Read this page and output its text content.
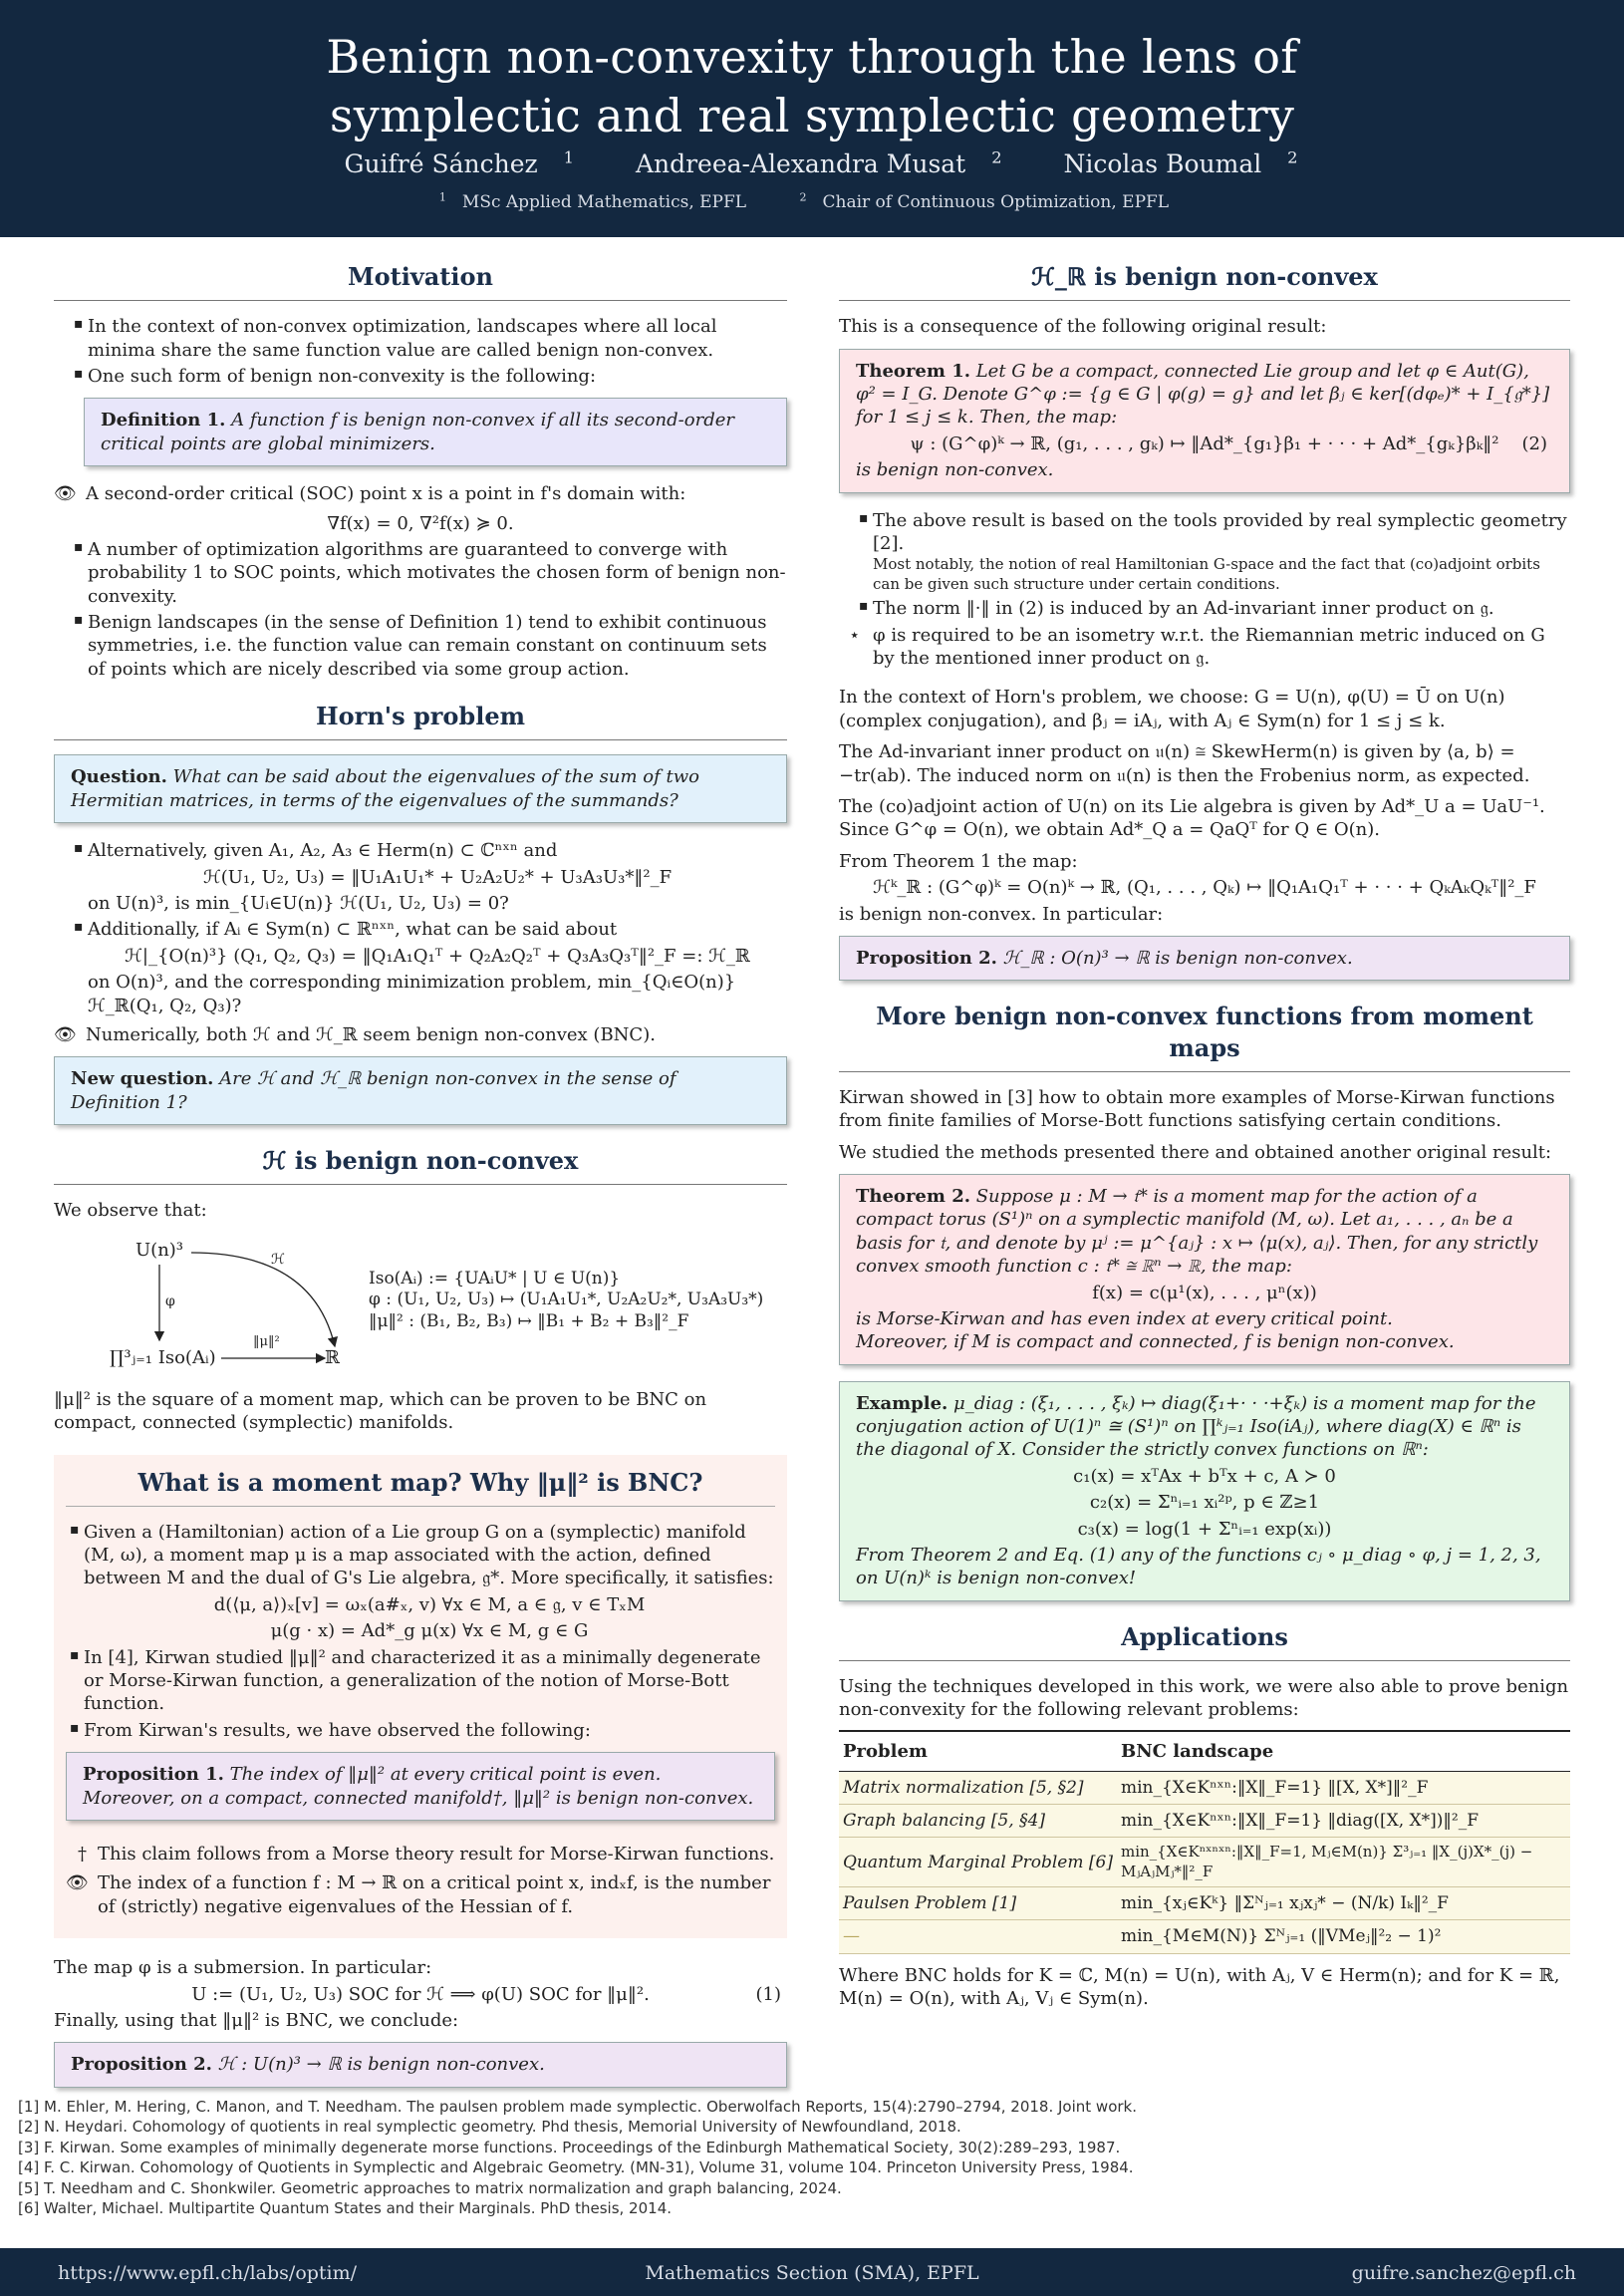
Benign non-convexity through the lens of
symplectic and real symplectic geometry
Guifré Sánchez $^1$ Andreea-Alexandra Musat $^2$ Nicolas Boumal $^2$
$^1$ MSc Applied Mathematics, EPFL	$^2$ Chair of Continuous Optimization, EPFL
Motivation
▪ In the context of non-convex optimization, landscapes where all local minima share the same function value are called benign non-convex.
▪ One such form of benign non-convexity is the following:
Definition 1. A function f is benign non-convex if all its second-order critical points are global minimizers.
👁 A second-order critical (SOC) point x is a point in f's domain with:
∇f(x) = 0, ∇²f(x) ≽ 0.
▪ A number of optimization algorithms are guaranteed to converge with probability 1 to SOC points, which motivates the chosen form of benign non-convexity.
▪ Benign landscapes (in the sense of Definition 1) tend to exhibit continuous symmetries, i.e. the function value can remain constant on continuum sets of points which are nicely described via some group action.
Horn's problem
Question. What can be said about the eigenvalues of the sum of two Hermitian matrices, in terms of the eigenvalues of the summands?
▪ Alternatively, given A₁, A₂, A₃ ∈ Herm(n) ⊂ ℂⁿˣⁿ and
ℋ(U₁, U₂, U₃) = ‖U₁A₁U₁* + U₂A₂U₂* + U₃A₃U₃*‖²_F
on U(n)³, is min_{Uᵢ∈U(n)} ℋ(U₁, U₂, U₃) = 0?
▪ Additionally, if Aᵢ ∈ Sym(n) ⊂ ℝⁿˣⁿ, what can be said about
ℋ|_{O(n)³} (Q₁, Q₂, Q₃) = ‖Q₁A₁Q₁ᵀ + Q₂A₂Q₂ᵀ + Q₃A₃Q₃ᵀ‖²_F =: ℋ_ℝ
on O(n)³, and the corresponding minimization problem, min_{Qᵢ∈O(n)} ℋ_ℝ(Q₁, Q₂, Q₃)?
👁 Numerically, both ℋ and ℋ_ℝ seem benign non-convex (BNC).
New question. Are ℋ and ℋ_ℝ benign non-convex in the sense of Definition 1?
ℋ is benign non-convex
We observe that:
U(n)³	ℋ
φ
∏³ⱼ₌₁ Iso(Aᵢ)
‖μ‖²
ℝ
Iso(Aᵢ) := {UAᵢU* | U ∈ U(n)}
φ : (U₁, U₂, U₃) ↦ (U₁A₁U₁*, U₂A₂U₂*, U₃A₃U₃*)
‖μ‖² : (B₁, B₂, B₃) ↦ ‖B₁ + B₂ + B₃‖²_F
‖μ‖² is the square of a moment map, which can be proven to be BNC on compact, connected (symplectic) manifolds.
What is a moment map? Why ‖μ‖² is BNC?
▪ Given a (Hamiltonian) action of a Lie group G on a (symplectic) manifold (M, ω), a moment map μ is a map associated with the action, defined between M and the dual of G's Lie algebra, 𝔤*. More specifically, it satisfies:
d(⟨μ, a⟩)ₓ[v] = ωₓ(a#ₓ, v) ∀x ∈ M, a ∈ 𝔤, v ∈ TₓM
μ(g · x) = Ad*_g μ(x) ∀x ∈ M, g ∈ G
▪ In [4], Kirwan studied ‖μ‖² and characterized it as a minimally degenerate or Morse-Kirwan function, a generalization of the notion of Morse-Bott function.
▪ From Kirwan's results, we have observed the following:
Proposition 1. The index of ‖μ‖² at every critical point is even.
Moreover, on a compact, connected manifold†, ‖μ‖² is benign non-convex.
† This claim follows from a Morse theory result for Morse-Kirwan functions.
👁 The index of a function f : M → ℝ on a critical point x, indₓf, is the number of (strictly) negative eigenvalues of the Hessian of f.
The map φ is a submersion. In particular:
U := (U₁, U₂, U₃) SOC for ℋ ⟹ φ(U) SOC for ‖μ‖².	(1)
Finally, using that ‖μ‖² is BNC, we conclude:
Proposition 2. ℋ : U(n)³ → ℝ is benign non-convex.
ℋ_ℝ is benign non-convex
This is a consequence of the following original result:
Theorem 1. Let G be a compact, connected Lie group and let φ ∈ Aut(G), φ² = I_G. Denote G^φ := {g ∈ G | φ(g) = g} and let βⱼ ∈ ker[(dφₑ)* + I_{𝔤*}] for 1 ≤ j ≤ k. Then, the map:
ψ : (G^φ)ᵏ → ℝ, (g₁, . . . , gₖ) ↦ ‖Ad*_{g₁}β₁ + · · · + Ad*_{gₖ}βₖ‖² (2)
is benign non-convex.
▪ The above result is based on the tools provided by real symplectic geometry [2].
Most notably, the notion of real Hamiltonian G-space and the fact that (co)adjoint orbits can be given such structure under certain conditions.
▪ The norm ‖·‖ in (2) is induced by an Ad-invariant inner product on 𝔤.
⋆ φ is required to be an isometry w.r.t. the Riemannian metric induced on G by the mentioned inner product on 𝔤.
In the context of Horn's problem, we choose: G = U(n), φ(U) = Ū on U(n) (complex conjugation), and βⱼ = iAⱼ, with Aⱼ ∈ Sym(n) for 1 ≤ j ≤ k.
The Ad-invariant inner product on 𝔲(n) ≅ SkewHerm(n) is given by ⟨a, b⟩ = −tr(ab). The induced norm on 𝔲(n) is then the Frobenius norm, as expected.
The (co)adjoint action of U(n) on its Lie algebra is given by Ad*_U a = UaU⁻¹. Since G^φ = O(n), we obtain Ad*_Q a = QaQᵀ for Q ∈ O(n).
From Theorem 1 the map:
ℋᵏ_ℝ : (G^φ)ᵏ = O(n)ᵏ → ℝ, (Q₁, . . . , Qₖ) ↦ ‖Q₁A₁Q₁ᵀ + · · · + QₖAₖQₖᵀ‖²_F
is benign non-convex. In particular:
Proposition 2. ℋ_ℝ : O(n)³ → ℝ is benign non-convex.
More benign non-convex functions from moment maps
Kirwan showed in [3] how to obtain more examples of Morse-Kirwan functions from finite families of Morse-Bott functions satisfying certain conditions.
We studied the methods presented there and obtained another original result:
Theorem 2. Suppose μ : M → 𝔱* is a moment map for the action of a compact torus (S¹)ⁿ on a symplectic manifold (M, ω). Let a₁, . . . , aₙ be a basis for 𝔱, and denote by μʲ := μ^{aⱼ} : x ↦ ⟨μ(x), aⱼ⟩. Then, for any strictly convex smooth function c : 𝔱* ≅ ℝⁿ → ℝ, the map:
f(x) = c(μ¹(x), . . . , μⁿ(x))
is Morse-Kirwan and has even index at every critical point.
Moreover, if M is compact and connected, f is benign non-convex.
Example. μ_diag : (ξ₁, . . . , ξₖ) ↦ diag(ξ₁+· · ·+ξₖ) is a moment map for the conjugation action of U(1)ⁿ ≅ (S¹)ⁿ on ∏ᵏⱼ₌₁ Iso(iAⱼ), where diag(X) ∈ ℝⁿ is the diagonal of X. Consider the strictly convex functions on ℝⁿ:
c₁(x) = xᵀAx + bᵀx + c, A ≻ 0
c₂(x) = Σⁿᵢ₌₁ xᵢ²ᵖ, p ∈ ℤ≥1
c₃(x) = log(1 + Σⁿᵢ₌₁ exp(xᵢ))
From Theorem 2 and Eq. (1) any of the functions cⱼ ∘ μ_diag ∘ φ, j = 1, 2, 3, on U(n)ᵏ is benign non-convex!
Applications
Using the techniques developed in this work, we were also able to prove benign non-convexity for the following relevant problems:
Problem	BNC landscape
Matrix normalization [5, §2]	min_{X∈Kⁿˣⁿ:‖X‖_F=1} ‖[X, X*]‖²_F
Graph balancing [5, §4]	min_{X∈Kⁿˣⁿ:‖X‖_F=1} ‖diag([X, X*])‖²_F
Quantum Marginal Problem [6]	min_{X∈Kⁿˣⁿˣⁿ:‖X‖_F=1, Mⱼ∈M(n)} Σ³ⱼ₌₁ ‖X_(j)X*_(j) − MⱼAⱼMⱼ*‖²_F
Paulsen Problem [1]	min_{xⱼ∈Kᵏ} ‖Σᴺⱼ₌₁ xⱼxⱼ* − (N/k) Iₖ‖²_F
—	min_{M∈M(N)} Σᴺⱼ₌₁ (‖VMeⱼ‖²₂ − 1)²
Where BNC holds for K = ℂ, M(n) = U(n), with Aⱼ, V ∈ Herm(n); and for K = ℝ, M(n) = O(n), with Aⱼ, Vⱼ ∈ Sym(n).
[1] M. Ehler, M. Hering, C. Manon, and T. Needham. The paulsen problem made symplectic. Oberwolfach Reports, 15(4):2790–2794, 2018. Joint work.
[2] N. Heydari. Cohomology of quotients in real symplectic geometry. Phd thesis, Memorial University of Newfoundland, 2018.
[3] F. Kirwan. Some examples of minimally degenerate morse functions. Proceedings of the Edinburgh Mathematical Society, 30(2):289–293, 1987.
[4] F. C. Kirwan. Cohomology of Quotients in Symplectic and Algebraic Geometry. (MN-31), Volume 31, volume 104. Princeton University Press, 1984.
[5] T. Needham and C. Shonkwiler. Geometric approaches to matrix normalization and graph balancing, 2024.
[6] Walter, Michael. Multipartite Quantum States and their Marginals. PhD thesis, 2014.
https://www.epfl.ch/labs/optim/	Mathematics Section (SMA), EPFL	guifre.sanchez@epfl.ch
